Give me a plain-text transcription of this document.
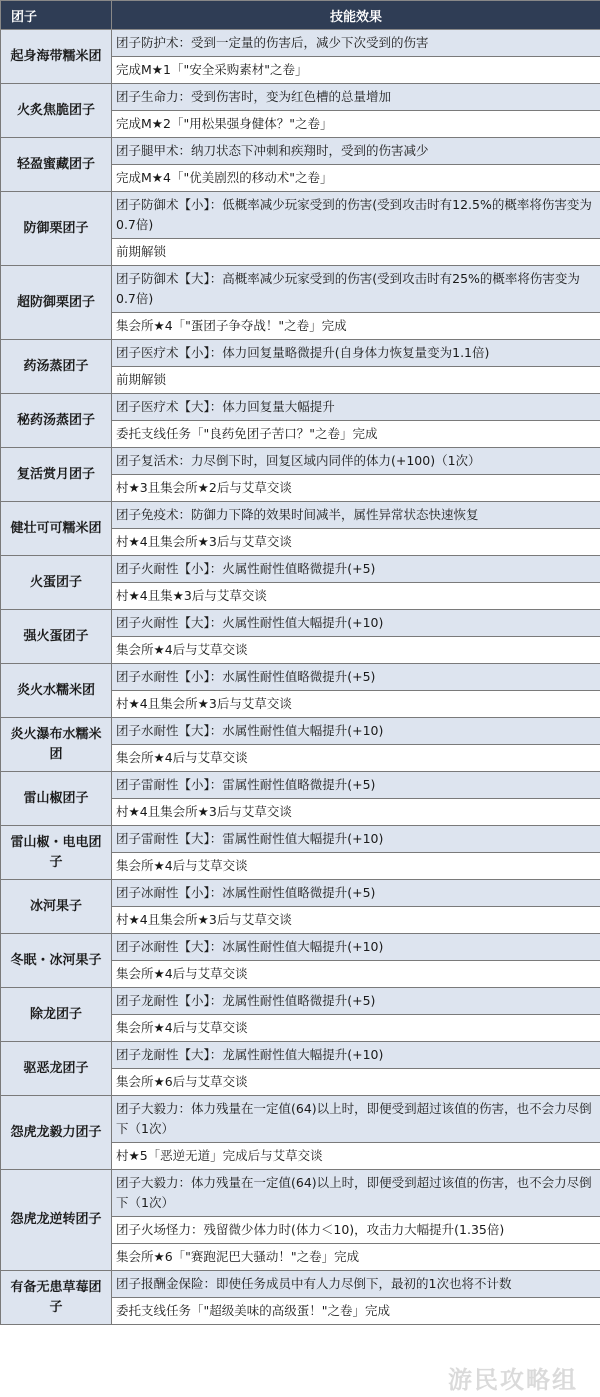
团子	技能效果
起身海带糯米团	团子防护术：受到一定量的伤害后，减少下次受到的伤害
	完成M★1「"安全采购素材"之卷」
火炙焦脆团子	团子生命力：受到伤害时，变为红色槽的总量增加
	完成M★2「"用松果强身健体？"之卷」
轻盈蜜藏团子	团子腿甲术：纳刀状态下冲刺和疾翔时，受到的伤害减少
	完成M★4「"优美剧烈的移动术"之卷」
防御栗团子	团子防御术【小】：低概率减少玩家受到的伤害(受到攻击时有12.5%的概率将伤害变为0.7倍)
	前期解锁
超防御栗团子	团子防御术【大】：高概率减少玩家受到的伤害(受到攻击时有25%的概率将伤害变为0.7倍)
	集会所★4「"蛋团子争夺战！"之卷」完成
药汤蒸团子	团子医疗术【小】：体力回复量略微提升(自身体力恢复量变为1.1倍)
	前期解锁
秘药汤蒸团子	团子医疗术【大】：体力回复量大幅提升
	委托支线任务「"良药免团子苦口？"之卷」完成
复活赏月团子	团子复活术：力尽倒下时，回复区域内同伴的体力(+100)（1次）
	村★3且集会所★2后与艾草交谈
健壮可可糯米团	团子免疫术：防御力下降的效果时间减半，属性异常状态快速恢复
	村★4且集会所★3后与艾草交谈
火蛋团子	团子火耐性【小】：火属性耐性值略微提升(+5)
	村★4且集★3后与艾草交谈
强火蛋团子	团子火耐性【大】：火属性耐性值大幅提升(+10)
	集会所★4后与艾草交谈
炎火水糯米团	团子水耐性【小】：水属性耐性值略微提升(+5)
	村★4且集会所★3后与艾草交谈
炎火瀑布水糯米团	团子水耐性【大】：水属性耐性值大幅提升(+10)
	集会所★4后与艾草交谈
雷山椒团子	团子雷耐性【小】：雷属性耐性值略微提升(+5)
	村★4且集会所★3后与艾草交谈
雷山椒・电电团子	团子雷耐性【大】：雷属性耐性值大幅提升(+10)
	集会所★4后与艾草交谈
冰河果子	团子冰耐性【小】：冰属性耐性值略微提升(+5)
	村★4且集会所★3后与艾草交谈
冬眠・冰河果子	团子冰耐性【大】：冰属性耐性值大幅提升(+10)
	集会所★4后与艾草交谈
除龙团子	团子龙耐性【小】：龙属性耐性值略微提升(+5)
	集会所★4后与艾草交谈
驱恶龙团子	团子龙耐性【大】：龙属性耐性值大幅提升(+10)
	集会所★6后与艾草交谈
怨虎龙毅力团子	团子大毅力：体力残量在一定值(64)以上时，即便受到超过该值的伤害，也不会力尽倒下（1次）
	村★5「恶逆无道」完成后与艾草交谈
怨虎龙逆转团子	团子大毅力：体力残量在一定值(64)以上时，即便受到超过该值的伤害，也不会力尽倒下（1次）
	团子火场怪力：残留微少体力时(体力＜10)，攻击力大幅提升(1.35倍)
	集会所★6「"赛跑泥巴大骚动！"之卷」完成
有备无患草莓团子	团子报酬金保险：即使任务成员中有人力尽倒下，最初的1次也将不计数
	委托支线任务「"超级美味的高级蛋！"之卷」完成
游民攻略组
